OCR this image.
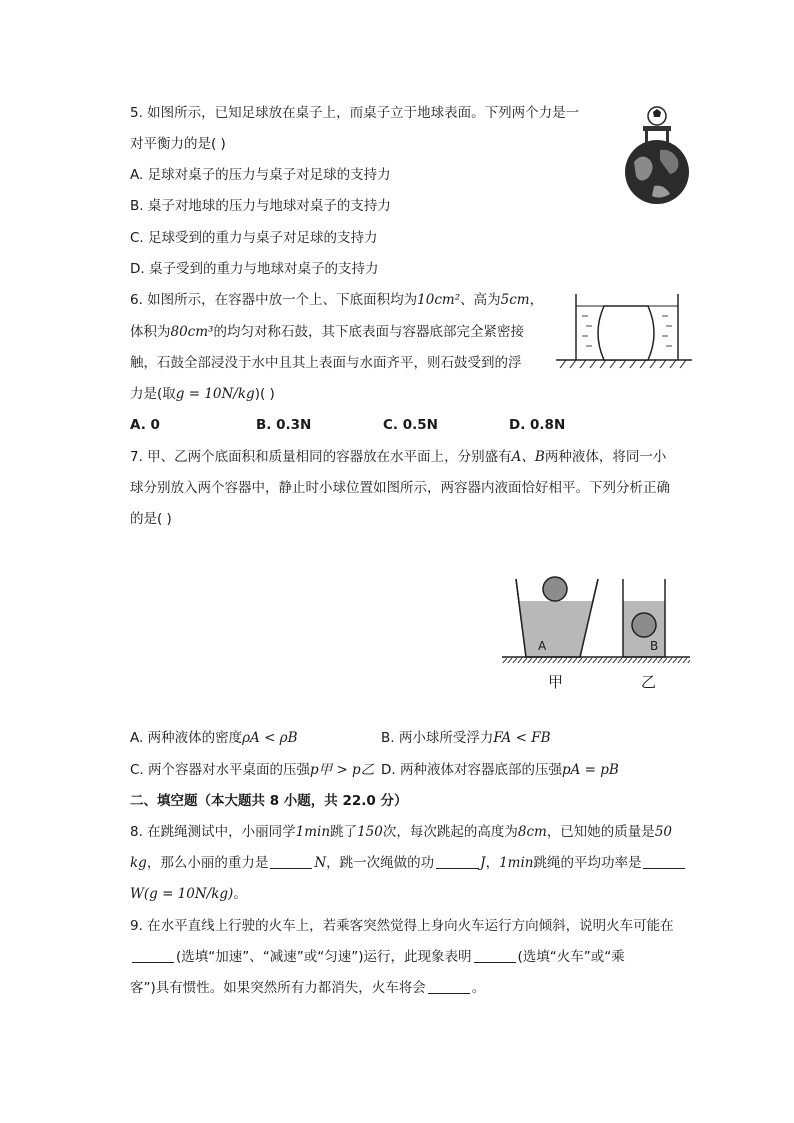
5. 如图所示，已知足球放在桌子上，而桌子立于地球表面。下列两个力是一
对平衡力的是( )
A. 足球对桌子的压力与桌子对足球的支持力
B. 桌子对地球的压力与地球对桌子的支持力
C. 足球受到的重力与桌子对足球的支持力
D. 桌子受到的重力与地球对桌子的支持力
6. 如图所示，在容器中放一个上、下底面积均为10cm²、高为5cm，
体积为80cm³的均匀对称石鼓，其下底表面与容器底部完全紧密接
触，石鼓全部浸没于水中且其上表面与水面齐平，则石鼓受到的浮
力是(取g = 10N/kg)( )
A. 0	B. 0.3N	C. 0.5N	D. 0.8N
7. 甲、乙两个底面积和质量相同的容器放在水平面上，分别盛有A、B两种液体，将同一小
球分别放入两个容器中，静止时小球位置如图所示，两容器内液面恰好相平。下列分析正确
的是( )
A	B
甲	乙
A. 两种液体的密度ρA < ρB	B. 两小球所受浮力FA < FB
C. 两个容器对水平桌面的压强p甲 > p乙 D. 两种液体对容器底部的压强pA = pB
二、填空题（本大题共 8 小题，共 22.0 分）
8. 在跳绳测试中，小丽同学1min跳了150次，每次跳起的高度为8cm，已知她的质量是50
kg，那么小丽的重力是	N，跳一次绳做的功	J，1min跳绳的平均功率是
W(g = 10N/kg)。
9. 在水平直线上行驶的火车上，若乘客突然觉得上身向火车运行方向倾斜，说明火车可能在
(选填“加速”、“减速”或“匀速”)运行，此现象表明	(选填“火车”或“乘
客”)具有惯性。如果突然所有力都消失，火车将会	。
